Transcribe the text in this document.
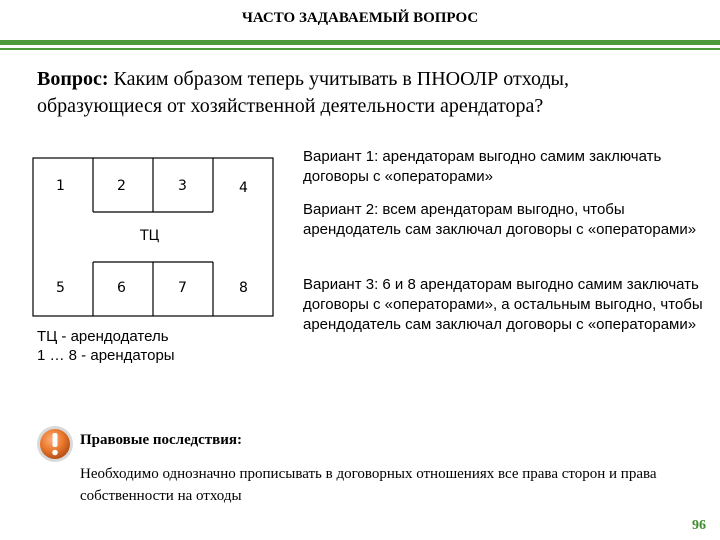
ЧАСТО ЗАДАВАЕМЫЙ ВОПРОС
Вопрос: Каким образом теперь учитывать в ПНООЛР отходы, образующиеся от хозяйственной деятельности арендатора?
1	2	3	4
ТЦ
5	6	7	8
ТЦ - арендодатель
1 … 8 - арендаторы
Вариант 1: арендаторам выгодно самим заключать договоры с «операторами»
Вариант 2: всем арендаторам выгодно, чтобы арендодатель сам заключал договоры с «операторами»
Вариант 3: 6 и 8 арендаторам выгодно самим заключать договоры с «операторами», а остальным выгодно, чтобы арендодатель сам заключал договоры с «операторами»
Правовые последствия:
Необходимо однозначно прописывать в договорных отношениях все права сторон и права собственности на отходы
96
